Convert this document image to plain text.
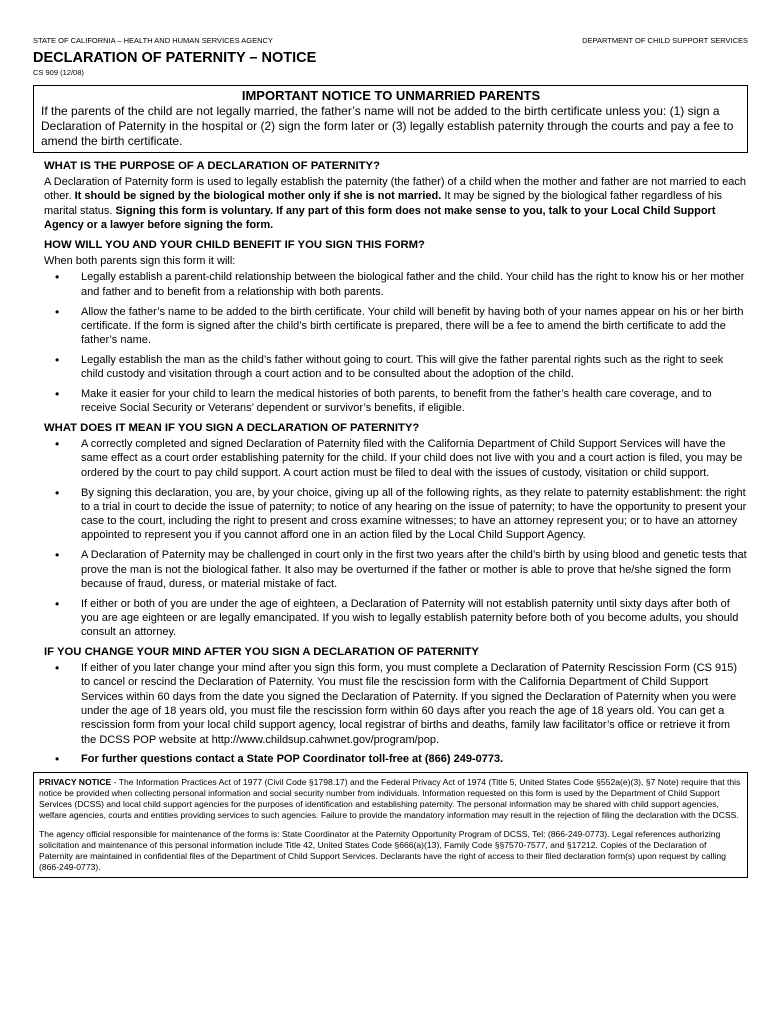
STATE OF CALIFORNIA – HEALTH AND HUMAN SERVICES AGENCY	DEPARTMENT OF CHILD SUPPORT SERVICES
DECLARATION OF PATERNITY – NOTICE
CS 909 (12/08)
IMPORTANT NOTICE TO UNMARRIED PARENTS
If the parents of the child are not legally married, the father’s name will not be added to the birth certificate unless you: (1) sign a Declaration of Paternity in the hospital or (2) sign the form later or (3) legally establish paternity through the courts and pay a fee to amend the birth certificate.
WHAT IS THE PURPOSE OF A DECLARATION OF PATERNITY?
A Declaration of Paternity form is used to legally establish the paternity (the father) of a child when the mother and father are not married to each other. It should be signed by the biological mother only if she is not married. It may be signed by the biological father regardless of his marital status. Signing this form is voluntary. If any part of this form does not make sense to you, talk to your Local Child Support Agency or a lawyer before signing the form.
HOW WILL YOU AND YOUR CHILD BENEFIT IF YOU SIGN THIS FORM?
When both parents sign this form it will:
• Legally establish a parent-child relationship between the biological father and the child. Your child has the right to know his or her mother and father and to benefit from a relationship with both parents.
• Allow the father’s name to be added to the birth certificate. Your child will benefit by having both of your names appear on his or her birth certificate. If the form is signed after the child’s birth certificate is prepared, there will be a fee to amend the birth certificate to add the father’s name.
• Legally establish the man as the child’s father without going to court. This will give the father parental rights such as the right to seek child custody and visitation through a court action and to be consulted about the adoption of the child.
• Make it easier for your child to learn the medical histories of both parents, to benefit from the father’s health care coverage, and to receive Social Security or Veterans’ dependent or survivor’s benefits, if eligible.
WHAT DOES IT MEAN IF YOU SIGN A DECLARATION OF PATERNITY?
• A correctly completed and signed Declaration of Paternity filed with the California Department of Child Support Services will have the same effect as a court order establishing paternity for the child. If your child does not live with you and a court action is filed, you may be ordered by the court to pay child support. A court action must be filed to deal with the issues of custody, visitation or child support.
• By signing this declaration, you are, by your choice, giving up all of the following rights, as they relate to paternity establishment: the right to a trial in court to decide the issue of paternity; to notice of any hearing on the issue of paternity; to have the opportunity to present your case to the court, including the right to present and cross examine witnesses; to have an attorney represent you; or to have an attorney appointed to represent you if you cannot afford one in an action filed by the Local Child Support Agency.
• A Declaration of Paternity may be challenged in court only in the first two years after the child’s birth by using blood and genetic tests that prove the man is not the biological father. It also may be overturned if the father or mother is able to prove that he/she signed the form because of fraud, duress, or material mistake of fact.
• If either or both of you are under the age of eighteen, a Declaration of Paternity will not establish paternity until sixty days after both of you are age eighteen or are legally emancipated. If you wish to legally establish paternity before both of you become adults, you should consult an attorney.
IF YOU CHANGE YOUR MIND AFTER YOU SIGN A DECLARATION OF PATERNITY
• If either of you later change your mind after you sign this form, you must complete a Declaration of Paternity Rescission Form (CS 915) to cancel or rescind the Declaration of Paternity. You must file the rescission form with the California Department of Child Support Services within 60 days from the date you signed the Declaration of Paternity. If you signed the Declaration of Paternity when you were under the age of 18 years old, you must file the rescission form within 60 days after you reach the age of 18 years old. You can get a rescission form from your local child support agency, local registrar of births and deaths, family law facilitator’s office or retrieve it from the DCSS POP website at http://www.childsup.cahwnet.gov/program/pop.
• For further questions contact a State POP Coordinator toll-free at (866) 249-0773.

PRIVACY NOTICE - The Information Practices Act of 1977 (Civil Code §1798.17) and the Federal Privacy Act of 1974 (Title 5, United States Code §552a(e)(3), §7 Note) require that this notice be provided when collecting personal information and social security number from individuals. Information requested on this form is used by the Department of Child Support Services (DCSS) and local child support agencies for the purposes of identification and establishing paternity. The personal information may be shared with child support agencies, welfare agencies, courts and entities providing services to such agencies. Failure to provide the mandatory information may result in the rejection of filing the declaration with the DCSS.

The agency official responsible for maintenance of the forms is: State Coordinator at the Paternity Opportunity Program of DCSS, Tel: (866-249-0773). Legal references authorizing solicitation and maintenance of this personal information include Title 42, United States Code §666(a)(13), Family Code §§7570-7577, and §17212. Copies of the Declaration of Paternity are maintained in confidential files of the Department of Child Support Services. Declarants have the right of access to their filed declaration form(s) upon request by calling (866-249-0773).
